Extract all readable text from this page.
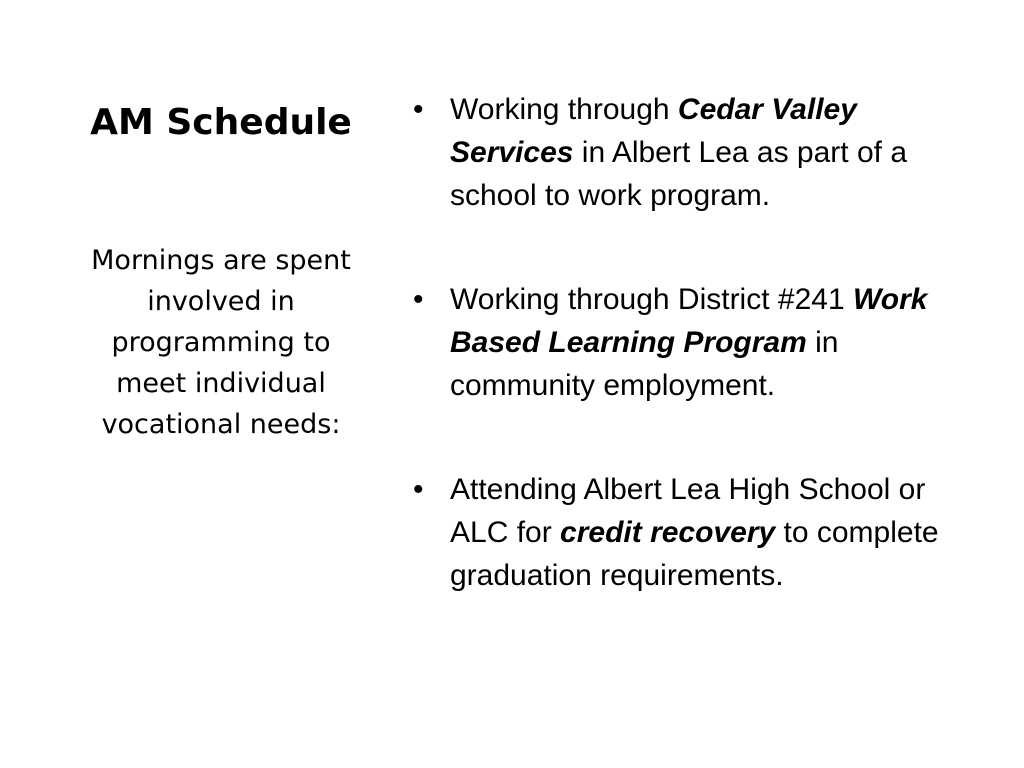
AM Schedule

Mornings are spent
involved in
programming to
meet individual
vocational needs:

• Working through Cedar Valley Services in Albert Lea as part of a school to work program.
• Working through District #241 Work Based Learning Program in community employment.
• Attending Albert Lea High School or ALC for credit recovery to complete graduation requirements.
